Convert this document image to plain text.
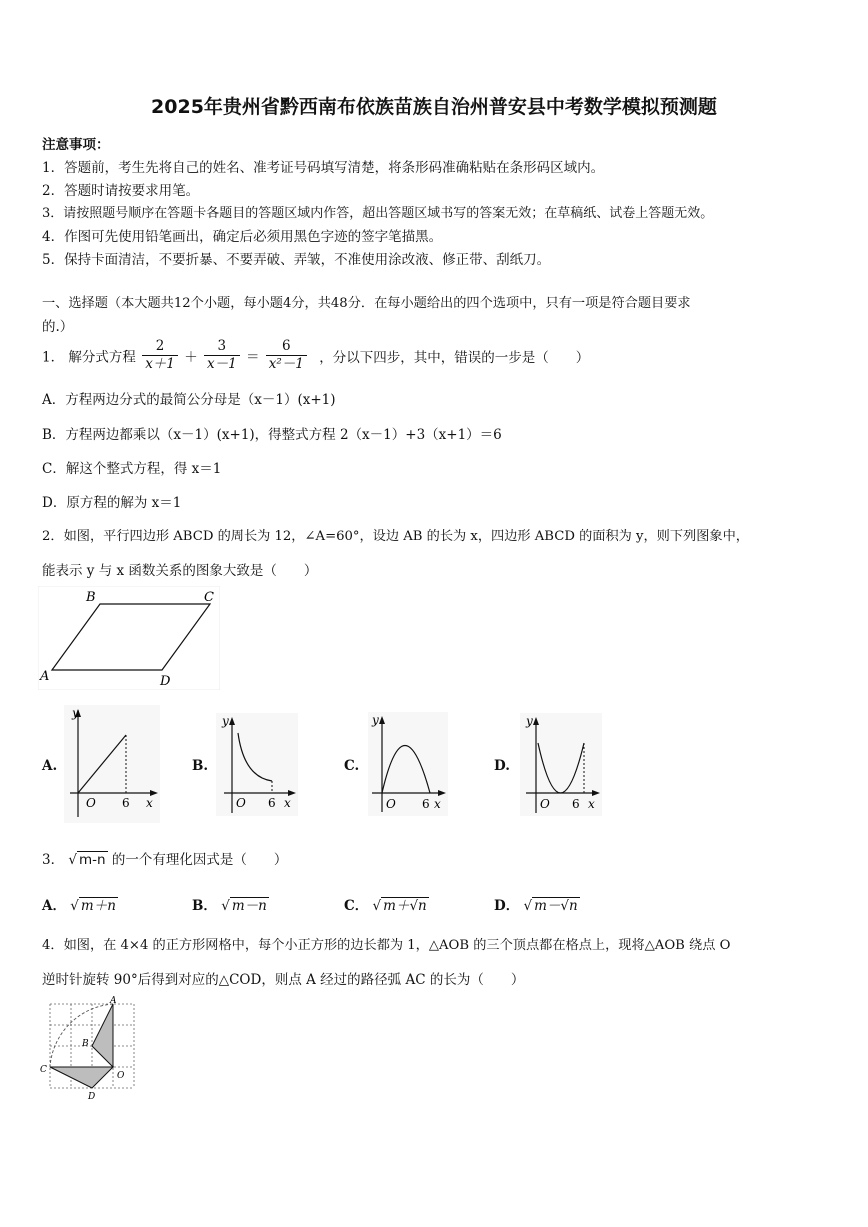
2025年贵州省黔西南布依族苗族自治州普安县中考数学模拟预测题
注意事项：
1．答题前，考生先将自己的姓名、准考证号码填写清楚，将条形码准确粘贴在条形码区域内。
2．答题时请按要求用笔。
3．请按照题号顺序在答题卡各题目的答题区域内作答，超出答题区域书写的答案无效；在草稿纸、试卷上答题无效。
4．作图可先使用铅笔画出，确定后必须用黑色字迹的签字笔描黑。
5．保持卡面清洁，不要折暴、不要弄破、弄皱，不准使用涂改液、修正带、刮纸刀。
一、选择题（本大题共12个小题，每小题4分，共48分．在每小题给出的四个选项中，只有一项是符合题目要求
的.）
1． 解分式方程 $\frac{2}{x+1} + \frac{3}{x-1} = \frac{6}{\text{x²－1}}$ ，分以下四步，其中，错误的一步是（　　）
A．方程两边分式的最简公分母是（x－1）(x+1)
B．方程两边都乘以（x－1）(x+1)，得整式方程 2（x－1）+3（x+1）＝6
C．解这个整式方程，得 x＝1
D．原方程的解为 x＝1
2．如图，平行四边形 ABCD 的周长为 12，∠A=60°，设边 AB 的长为 x，四边形 ABCD 的面积为 y，则下列图象中，
能表示 y 与 x 函数关系的图象大致是（　　）
B	C
A	D
A.
y
x
O 6
B.
y
x
O 6
C.
y
x
O 6
D.
y
x
O 6
3． √ m-n 的一个有理化因式是（　　）
A． √ m＋n	B． √ m－n	C． √ m＋√n	D． √ m－√n
4．如图，在 4×4 的正方形网格中，每个小正方形的边长都为 1，△AOB 的三个顶点都在格点上，现将△AOB 绕点 O
逆时针旋转 90°后得到对应的△COD，则点 A 经过的路径弧 AC 的长为（　　）
A
B
C
O
D
